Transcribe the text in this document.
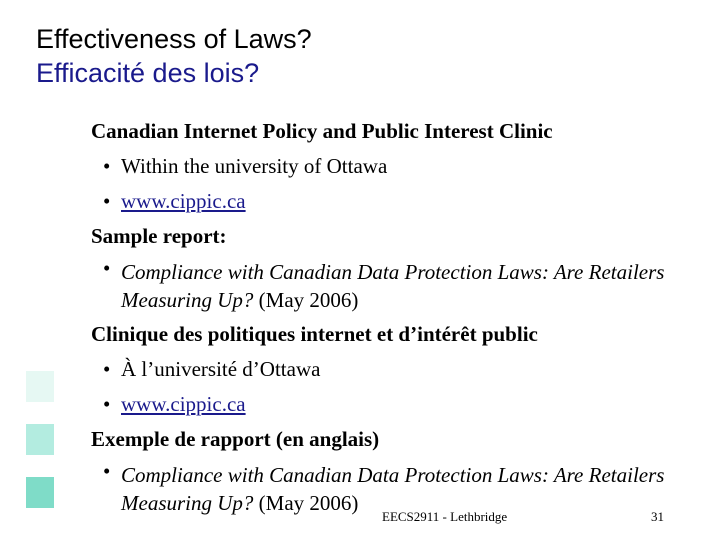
Effectiveness of Laws?
Efficacité des lois?
Canadian Internet Policy and Public Interest Clinic
• Within the university of Ottawa
• www.cippic.ca
Sample report:
• Compliance with Canadian Data Protection Laws: Are Retailers Measuring Up? (May 2006)
Clinique des politiques internet et d’intérêt public
• À l’université d’Ottawa
• www.cippic.ca
Exemple de rapport (en anglais)
• Compliance with Canadian Data Protection Laws: Are Retailers Measuring Up? (May 2006)
EECS2911 - Lethbridge	31
